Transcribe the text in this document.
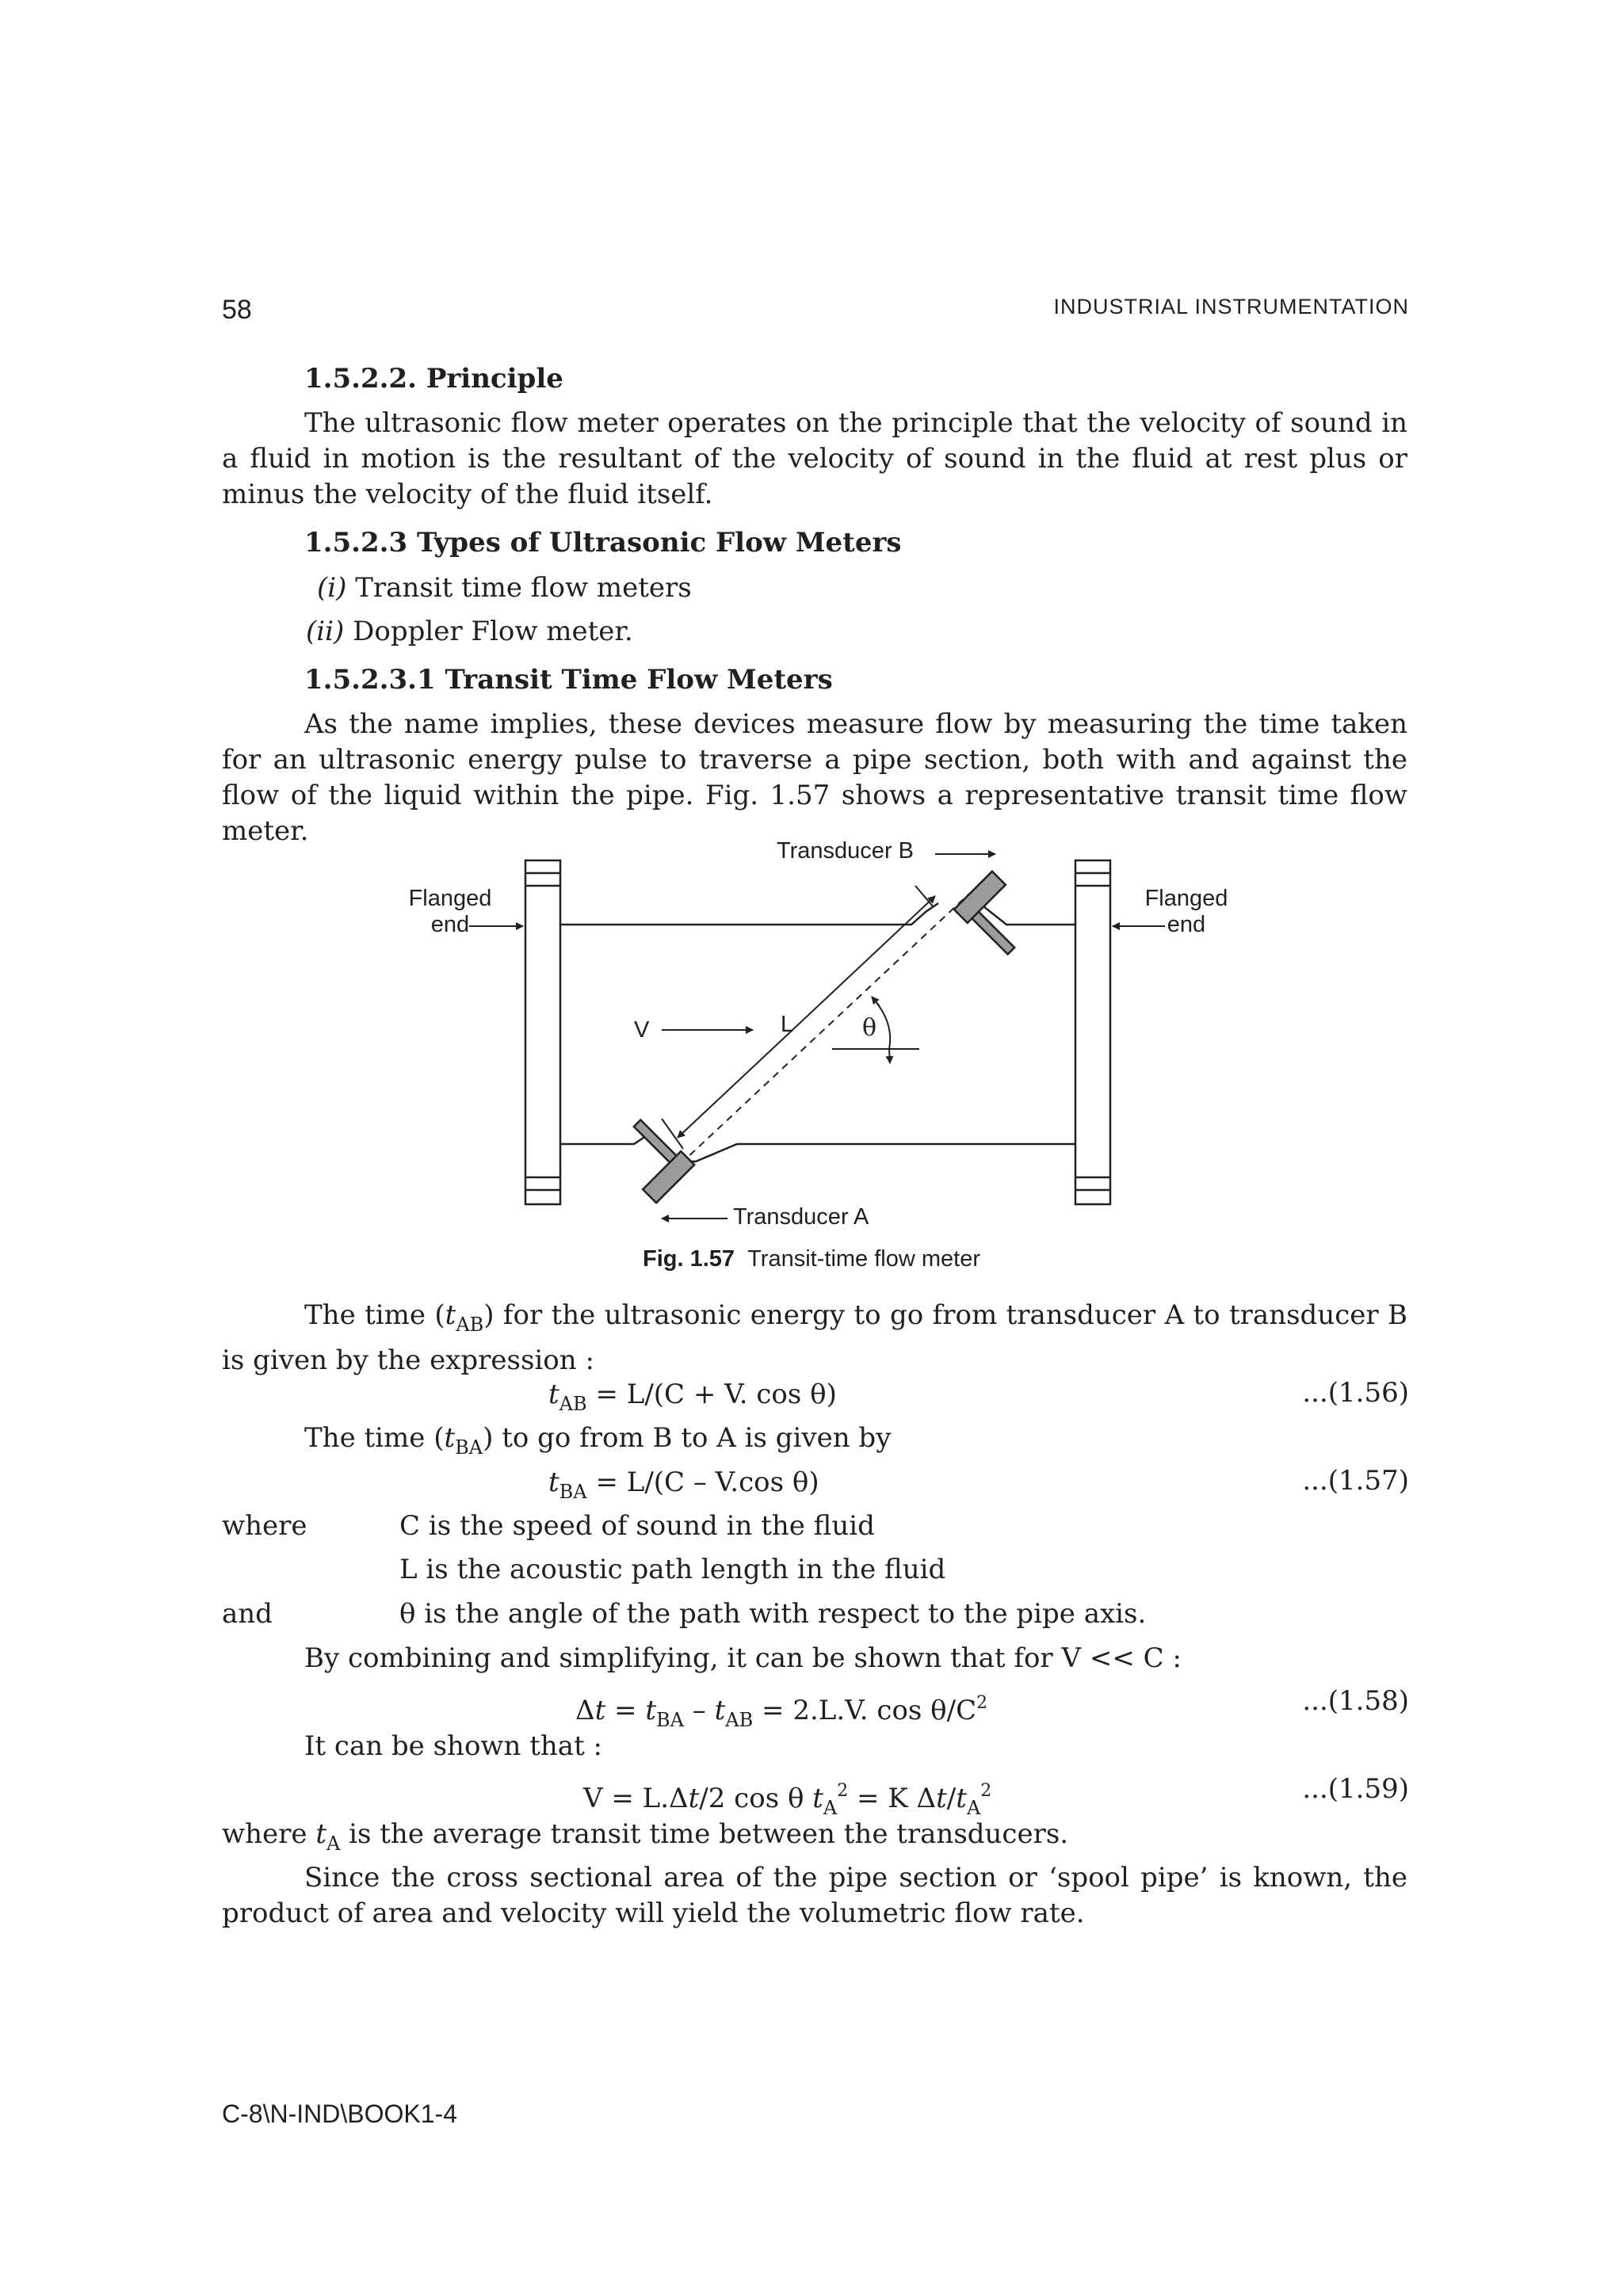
58	INDUSTRIAL INSTRUMENTATION
1.5.2.2. Principle
The ultrasonic flow meter operates on the principle that the velocity of sound in a fluid in motion is the resultant of the velocity of sound in the fluid at rest plus or minus the velocity of the fluid itself.
1.5.2.3 Types of Ultrasonic Flow Meters
(i) Transit time flow meters
(ii) Doppler Flow meter.
1.5.2.3.1 Transit Time Flow Meters
As the name implies, these devices measure flow by measuring the time taken for an ultrasonic energy pulse to traverse a pipe section, both with and against the flow of the liquid within the pipe. Fig. 1.57 shows a representative transit time flow meter.
Transducer B
Transducer A
Flanged
end
Flanged
end
V	L	θ
Fig. 1.57 Transit-time flow meter
The time $(t_{AB})$ for the ultrasonic energy to go from transducer A to transducer B is given by the expression :
$t_{AB} = L/(C + V$. cos θ)	...(1.56)
The time $(t_{BA})$ to go from B to A is given by
$t_{BA} = L/(C - V.\cos$ θ)	...(1.57)
where	C is the speed of sound in the fluid
L is the acoustic path length in the fluid
and	θ is the angle of the path with respect to the pipe axis.
By combining and simplifying, it can be shown that for V << C :
$\Delta t = t_{BA} - t_{AB} = 2.L.V$. $\cos \theta/C^2$	...(1.58)
It can be shown that :
V = L.Δt/2 cos θ $t_A^2 = K$ $\Delta t/t_A^2$	...(1.59)
where $t_A$ is the average transit time between the transducers.
Since the cross sectional area of the pipe section or ‘spool pipe’ is known, the product of area and velocity will yield the volumetric flow rate.
C-8\N-IND\BOOK1-4
